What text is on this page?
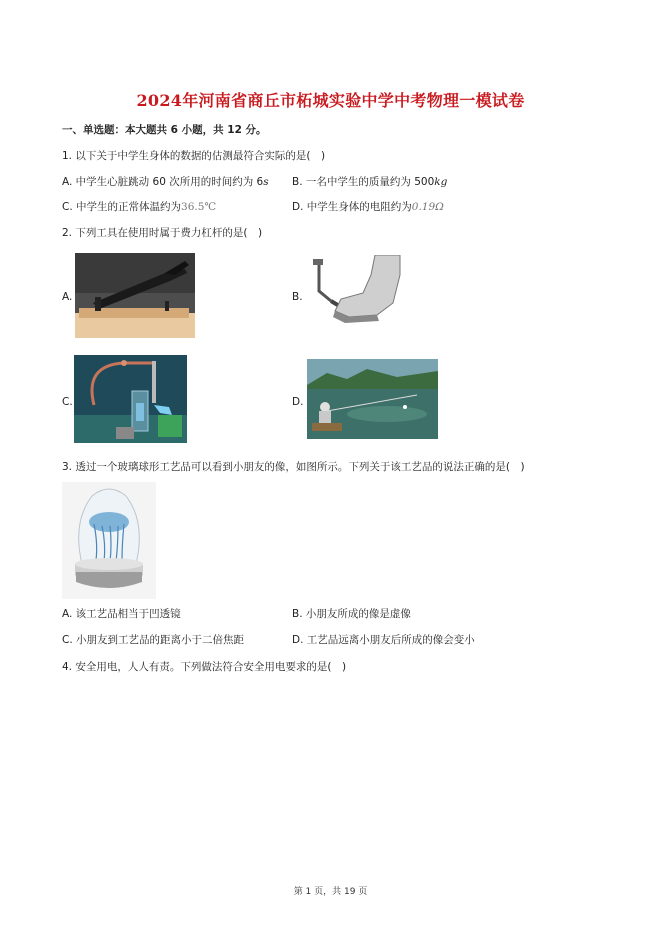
2024年河南省商丘市柘城实验中学中考物理一模试卷
一、单选题：本大题共 6 小题，共 12 分。
1. 以下关于中学生身体的数据的估测最符合实际的是(　)
A. 中学生心脏跳动 60 次所用的时间约为 6s B. 一名中学生的质量约为 500kg
C. 中学生的正常体温约为36.5℃	D. 中学生身体的电阻约为0.19Ω
2. 下列工具在使用时属于费力杠杆的是(　)
A.	B.
C.	D.
3. 透过一个玻璃球形工艺品可以看到小朋友的像，如图所示。下列关于该工艺品的说法正确的是(　)
A. 该工艺品相当于凹透镜	B. 小朋友所成的像是虚像
C. 小朋友到工艺品的距离小于二倍焦距	D. 工艺品远离小朋友后所成的像会变小
4. 安全用电，人人有责。下列做法符合安全用电要求的是(　)
第 1 页，共 19 页
